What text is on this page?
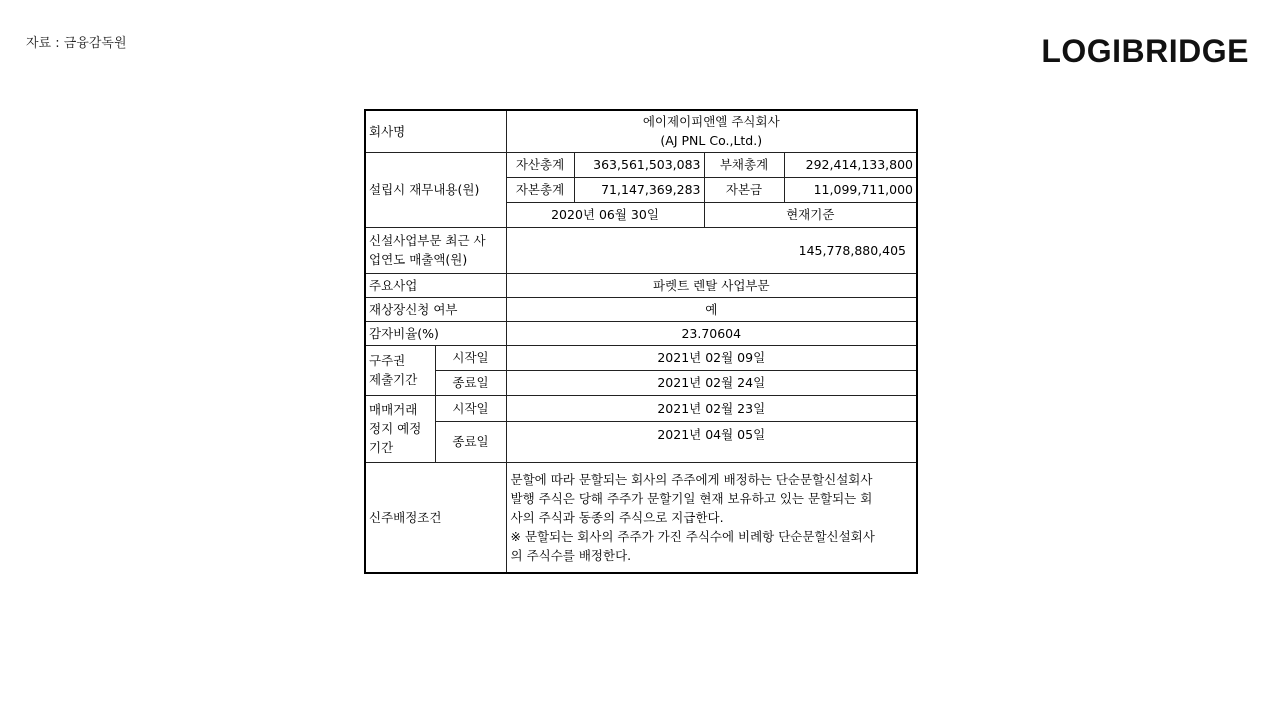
자료 : 금융감독원	LOGIBRIDGE
회사명		에이제이피앤엘 주식회사
(AJ PNL Co.,Ltd.)			

설립시 재무내용(원)		자산총계	363,561,503,083	부채총계	292,414,133,800
		자본총계	71,147,369,283	자본금	11,099,711,000
		2020년 06월 30일		현재기준	

신설사업부문 최근 사
업연도 매출액(원)		145,778,880,405			
주요사업		파렛트 렌탈 사업부문			
재상장신청 여부		예			
감자비율(%)		23.70604			

구주권
제출기간	시작일	2021년 02월 09일			
	종료일	2021년 02월 24일			

매매거래
정지 예정
기간	시작일	2021년 02월 23일			
	종료일	2021년 04월 05일			
신주배정조건		문할에 따라 문할되는 회사의 주주에게 배정하는 단순문할신설회사
발행 주식은 당해 주주가 문할기일 현재 보유하고 있는 문할되는 회
사의 주식과 동종의 주식으로 지급한다.
※ 문할되는 회사의 주주가 가진 주식수에 비례항 단순문할신설회사
의 주식수를 배정한다.			
